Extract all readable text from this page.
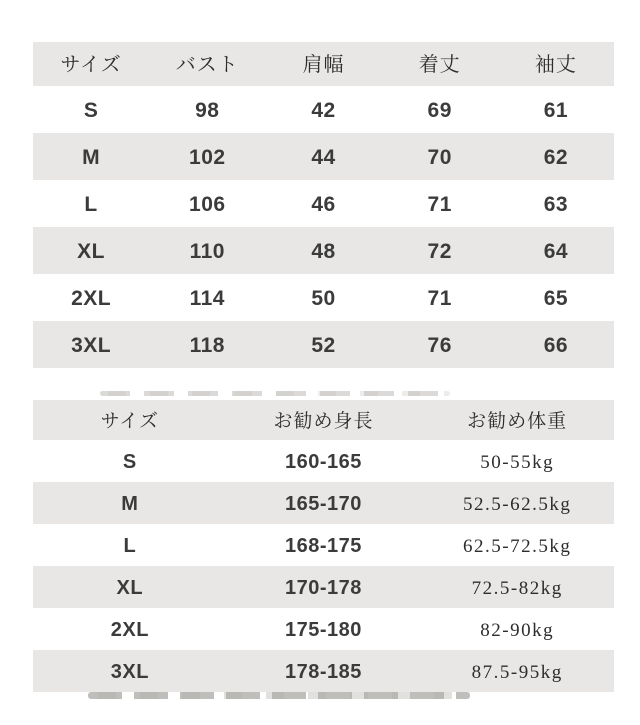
サイズ	バスト	肩幅	着丈	袖丈
S	98	42	69	61
M	102	44	70	62
L	106	46	71	63
XL	110	48	72	64
2XL	114	50	71	65
3XL	118	52	76	66
サイズ	お勧め身長	お勧め体重
S	160-165	50-55kg
M	165-170	52.5-62.5kg
L	168-175	62.5-72.5kg
XL	170-178	72.5-82kg
2XL	175-180	82-90kg
3XL	178-185	87.5-95kg
